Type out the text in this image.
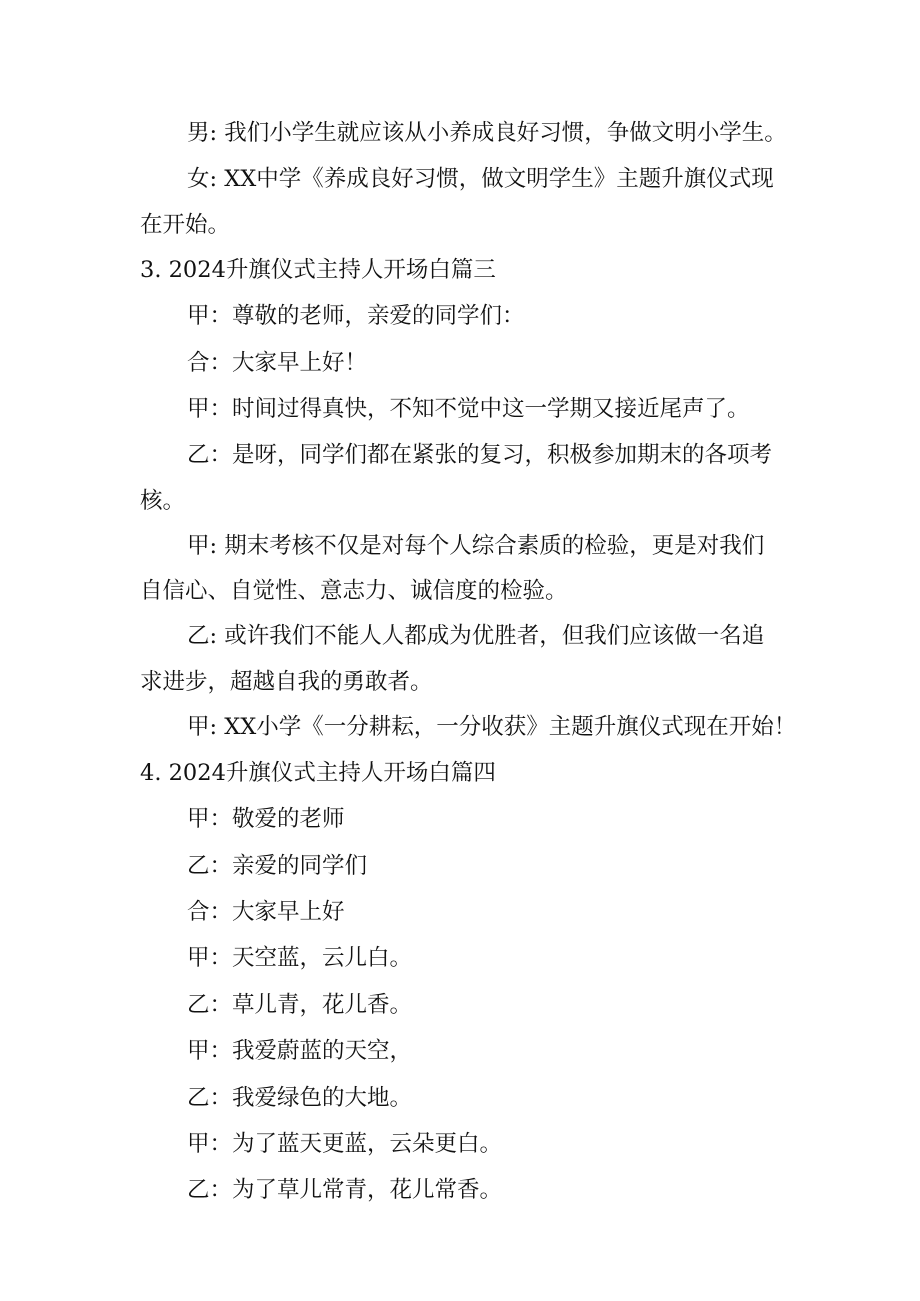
男: 我们小学生就应该从小养成良好习惯，争做文明小学生。

女: XX中学《养成良好习惯，做文明学生》主题升旗仪式现

在开始。

3. 2024升旗仪式主持人开场白篇三

甲：尊敬的老师，亲爱的同学们：

合：大家早上好！

甲：时间过得真快，不知不觉中这一学期又接近尾声了。

乙：是呀，同学们都在紧张的复习，积极参加期末的各项考

核。

甲: 期末考核不仅是对每个人综合素质的检验，更是对我们

自信心、自觉性、意志力、诚信度的检验。

乙: 或许我们不能人人都成为优胜者，但我们应该做一名追

求进步，超越自我的勇敢者。

甲: XX小学《一分耕耘，一分收获》主题升旗仪式现在开始！

4. 2024升旗仪式主持人开场白篇四

甲：敬爱的老师

乙：亲爱的同学们

合：大家早上好

甲：天空蓝，云儿白。

乙：草儿青，花儿香。

甲：我爱蔚蓝的天空，

乙：我爱绿色的大地。

甲：为了蓝天更蓝，云朵更白。

乙：为了草儿常青，花儿常香。
